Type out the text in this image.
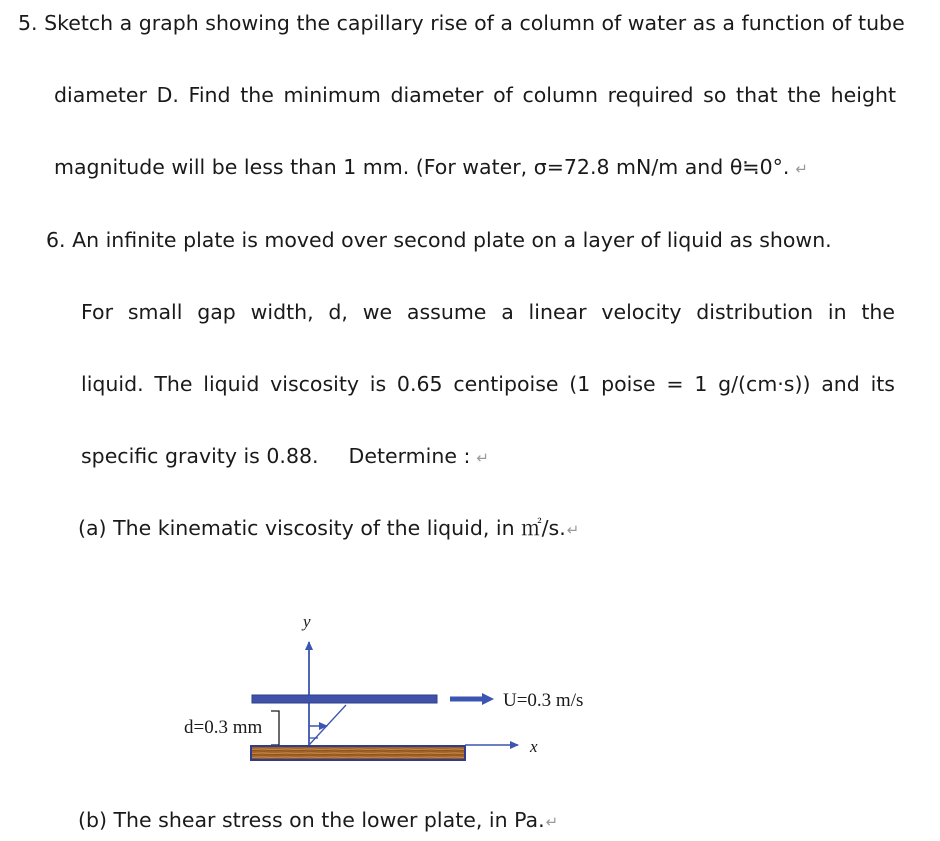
5. Sketch a graph showing the capillary rise of a column of water as a function of tube
diameter D. Find the minimum diameter of column required so that the height
magnitude will be less than 1 mm. (For water, σ=72.8 mN/m and θ≒0°. ↵
6. An infinite plate is moved over second plate on a layer of liquid as shown.
For small gap width, d, we assume a linear velocity distribution in the
liquid. The liquid viscosity is 0.65 centipoise (1 poise = 1 g/(cm·s)) and its
specific gravity is 0.88. Determine : ↵
(a) The kinematic viscosity of the liquid, in ㎡/s.↵
y
U=0.3 m/s
d=0.3 mm
x
(b) The shear stress on the lower plate, in Pa.↵
